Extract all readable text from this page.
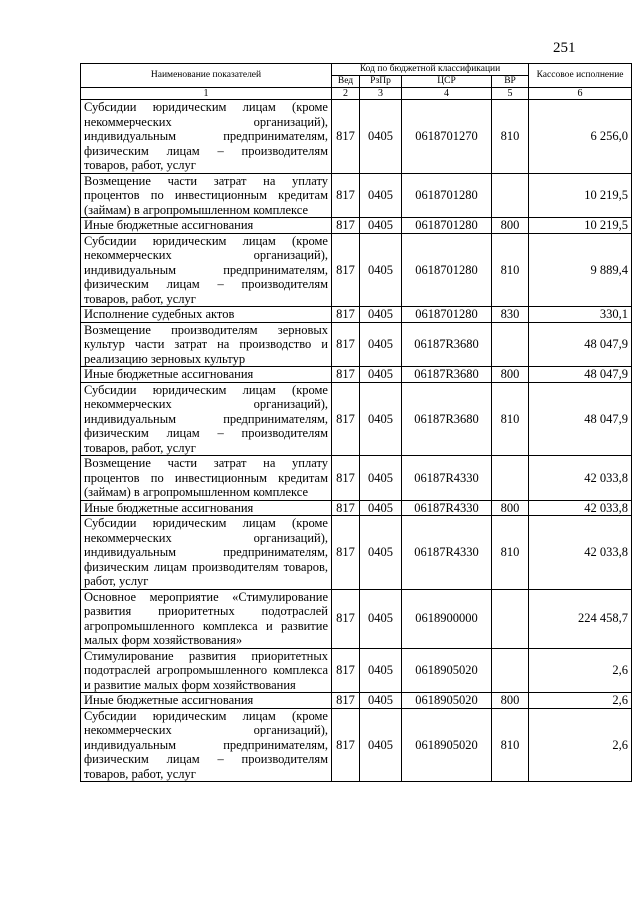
251
Наименование показателей	Код по бюджетной классификации				Кассовое исполнение
	Вед	РзПр	ЦСР	ВР	
1	2	3	4	5	6
Субсидии юридическим лицам (кроме некоммерческих организаций), индивидуальным предпринимателям, физическим лицам – производителям товаров, работ, услуг	817	0405	0618701270	810	6 256,0
Возмещение части затрат на уплату процентов по инвестиционным кредитам (займам) в агропромышленном комплексе	817	0405	0618701280		10 219,5
Иные бюджетные ассигнования	817	0405	0618701280	800	10 219,5
Субсидии юридическим лицам (кроме некоммерческих организаций), индивидуальным предпринимателям, физическим лицам – производителям товаров, работ, услуг	817	0405	0618701280	810	9 889,4
Исполнение судебных актов	817	0405	0618701280	830	330,1
Возмещение производителям зерновых культур части затрат на производство и реализацию зерновых культур	817	0405	06187R3680		48 047,9
Иные бюджетные ассигнования	817	0405	06187R3680	800	48 047,9
Субсидии юридическим лицам (кроме некоммерческих организаций), индивидуальным предпринимателям, физическим лицам – производителям товаров, работ, услуг	817	0405	06187R3680	810	48 047,9
Возмещение части затрат на уплату процентов по инвестиционным кредитам (займам) в агропромышленном комплексе	817	0405	06187R4330		42 033,8
Иные бюджетные ассигнования	817	0405	06187R4330	800	42 033,8
Субсидии юридическим лицам (кроме некоммерческих организаций), индивидуальным предпринимателям, физическим лицам производителям товаров, работ, услуг	817	0405	06187R4330	810	42 033,8
Основное мероприятие «Стимулирование развития приоритетных подотраслей агропромышленного комплекса и развитие малых форм хозяйствования»	817	0405	0618900000		224 458,7
Стимулирование развития приоритетных подотраслей агропромышленного комплекса и развитие малых форм хозяйствования	817	0405	0618905020		2,6
Иные бюджетные ассигнования	817	0405	0618905020	800	2,6
Субсидии юридическим лицам (кроме некоммерческих организаций), индивидуальным предпринимателям, физическим лицам – производителям товаров, работ, услуг	817	0405	0618905020	810	2,6
